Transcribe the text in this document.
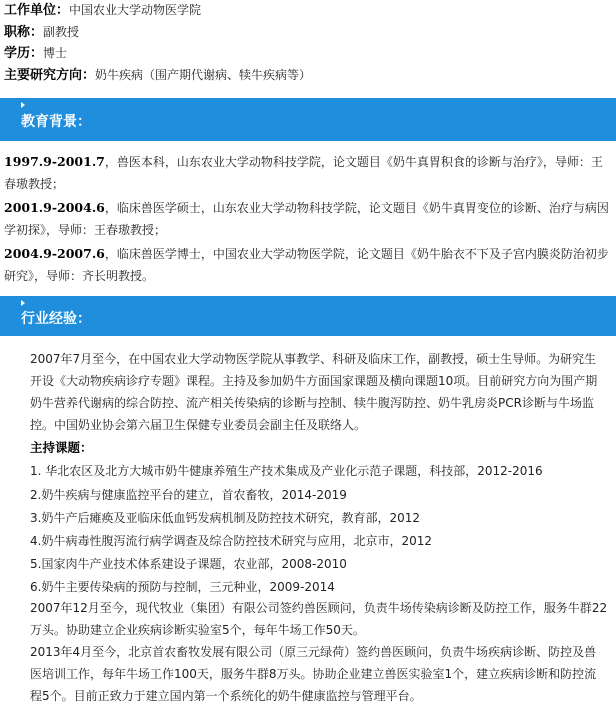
工作单位：中国农业大学动物医学院
职称：副教授
学历：博士
主要研究方向：奶牛疾病（围产期代谢病、犊牛疾病等）
教育背景：
1997.9-2001.7，兽医本科，山东农业大学动物科技学院，论文题目《奶牛真胃积食的诊断与治疗》，导师：王春璈教授；
2001.9-2004.6，临床兽医学硕士，山东农业大学动物科技学院，论文题目《奶牛真胃变位的诊断、治疗与病因学初探》，导师：王春璈教授；
2004.9-2007.6，临床兽医学博士，中国农业大学动物医学院，论文题目《奶牛胎衣不下及子宫内膜炎防治初步研究》，导师：齐长明教授。
行业经验：
2007年7月至今，在中国农业大学动物医学院从事教学、科研及临床工作，副教授，硕士生导师。为研究生开设《大动物疾病诊疗专题》课程。主持及参加奶牛方面国家课题及横向课题10项。目前研究方向为围产期奶牛营养代谢病的综合防控、流产相关传染病的诊断与控制、犊牛腹泻防控、奶牛乳房炎PCR诊断与牛场监控。中国奶业协会第六届卫生保健专业委员会副主任及联络人。
主持课题：
1. 华北农区及北方大城市奶牛健康养殖生产技术集成及产业化示范子课题，科技部，2012-2016
2.奶牛疾病与健康监控平台的建立，首农畜牧，2014-2019
3.奶牛产后瘫痪及亚临床低血钙发病机制及防控技术研究，教育部，2012
4.奶牛病毒性腹泻流行病学调查及综合防控技术研究与应用，北京市，2012
5.国家肉牛产业技术体系建设子课题，农业部，2008-2010
6.奶牛主要传染病的预防与控制，三元种业，2009-2014
2007年12月至今，现代牧业（集团）有限公司签约兽医顾问，负责牛场传染病诊断及防控工作，服务牛群22万头。协助建立企业疾病诊断实验室5个，每年牛场工作50天。
2013年4月至今，北京首农畜牧发展有限公司（原三元绿荷）签约兽医顾问，负责牛场疾病诊断、防控及兽医培训工作，每年牛场工作100天，服务牛群8万头。协助企业建立兽医实验室1个，建立疾病诊断和防控流程5个。目前正致力于建立国内第一个系统化的奶牛健康监控与管理平台。
